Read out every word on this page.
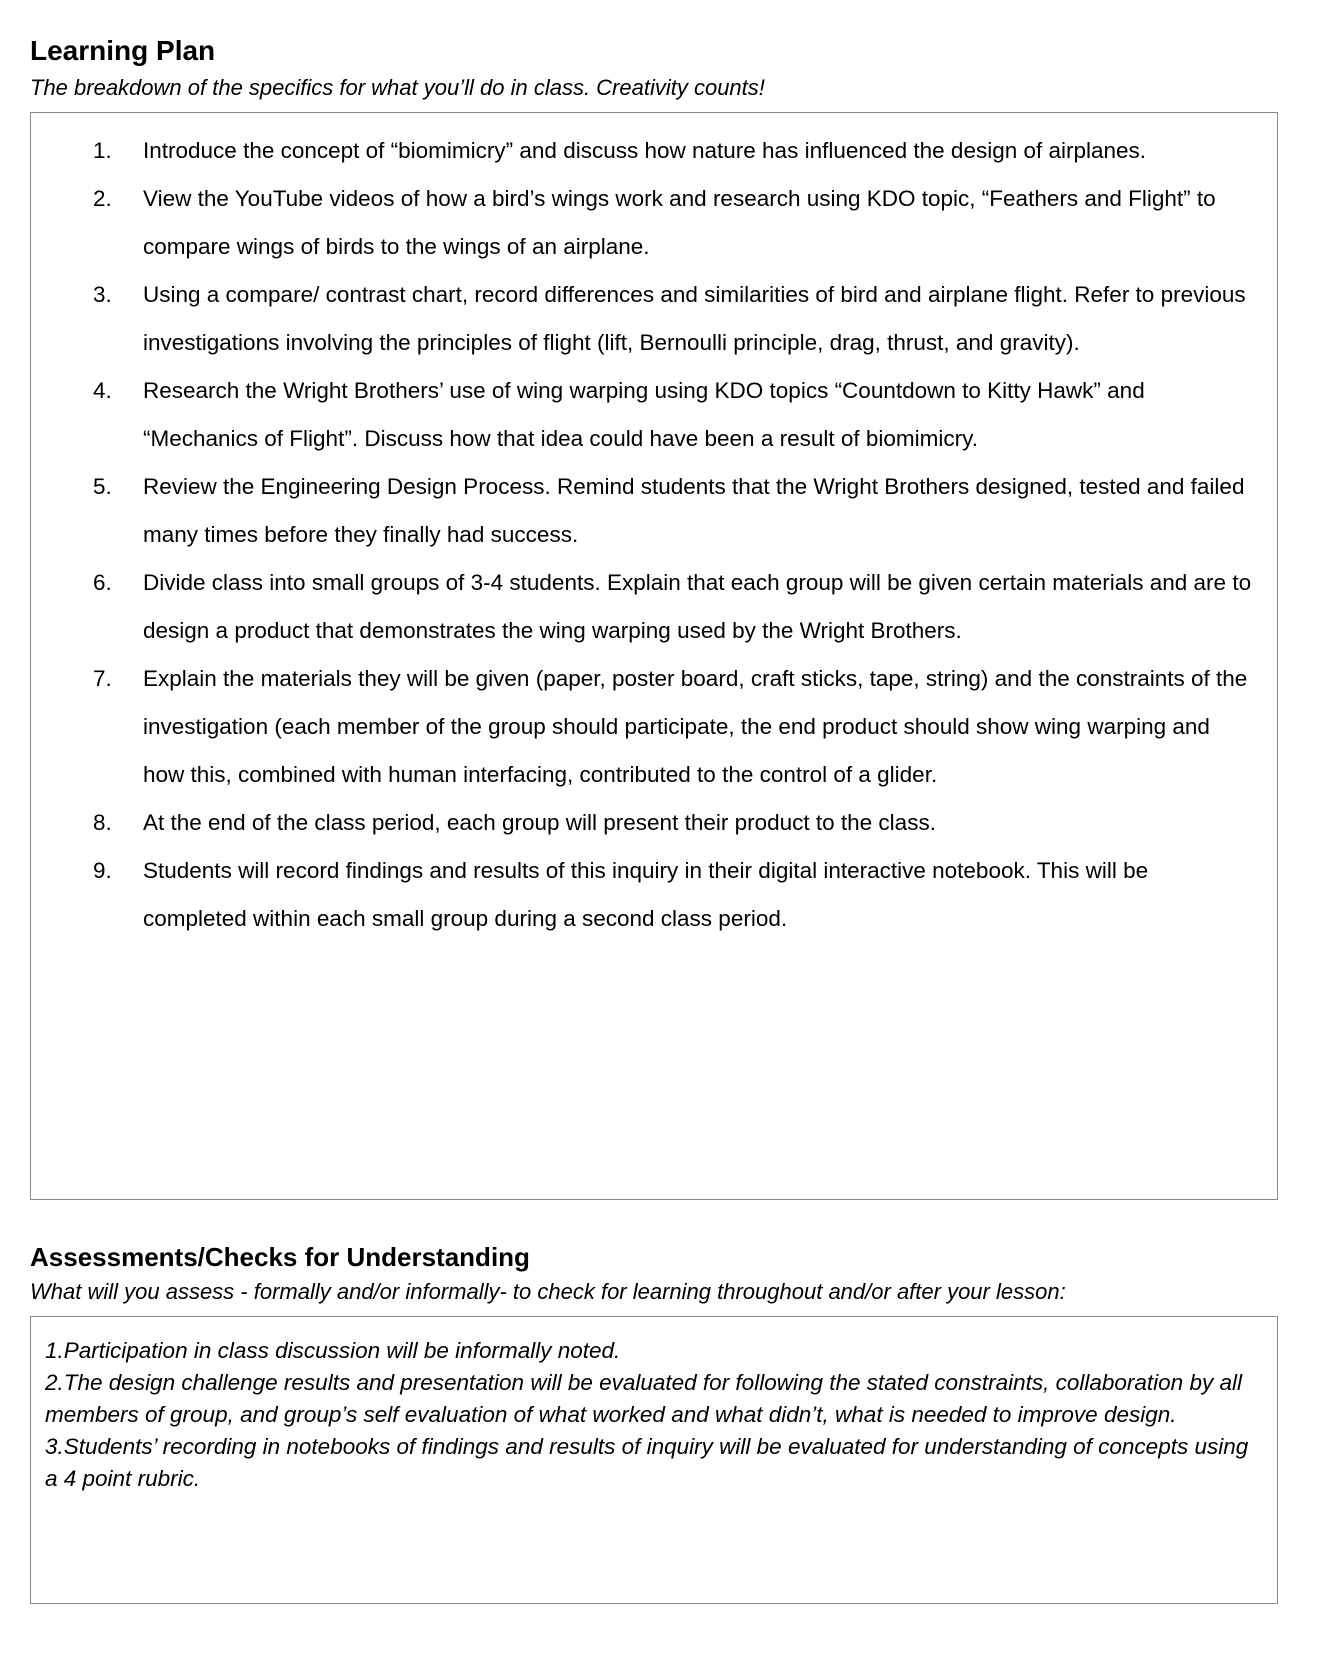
Learning Plan

The breakdown of the specifics for what you’ll do in class. Creativity counts!

1. Introduce the concept of “biomimicry” and discuss how nature has influenced the design of airplanes.
2. View the YouTube videos of how a bird’s wings work and research using KDO topic, “Feathers and Flight” to compare wings of birds to the wings of an airplane.
3. Using a compare/ contrast chart, record differences and similarities of bird and airplane flight. Refer to previous investigations involving the principles of flight (lift, Bernoulli principle, drag, thrust, and gravity).
4. Research the Wright Brothers’ use of wing warping using KDO topics “Countdown to Kitty Hawk” and “Mechanics of Flight”. Discuss how that idea could have been a result of biomimicry.
5. Review the Engineering Design Process. Remind students that the Wright Brothers designed, tested and failed many times before they finally had success.
6. Divide class into small groups of 3-4 students. Explain that each group will be given certain materials and are to design a product that demonstrates the wing warping used by the Wright Brothers.
7. Explain the materials they will be given (paper, poster board, craft sticks, tape, string) and the constraints of the investigation (each member of the group should participate, the end product should show wing warping and how this, combined with human interfacing, contributed to the control of a glider.
8. At the end of the class period, each group will present their product to the class.
9. Students will record findings and results of this inquiry in their digital interactive notebook. This will be completed within each small group during a second class period.
Assessments/Checks for Understanding

What will you assess - formally and/or informally- to check for learning throughout and/or after your lesson:

1.Participation in class discussion will be informally noted.

2.The design challenge results and presentation will be evaluated for following the stated constraints, collaboration by all members of group, and group’s self evaluation of what worked and what didn’t, what is needed to improve design.

3.Students’ recording in notebooks of findings and results of inquiry will be evaluated for understanding of concepts using a 4 point rubric.
